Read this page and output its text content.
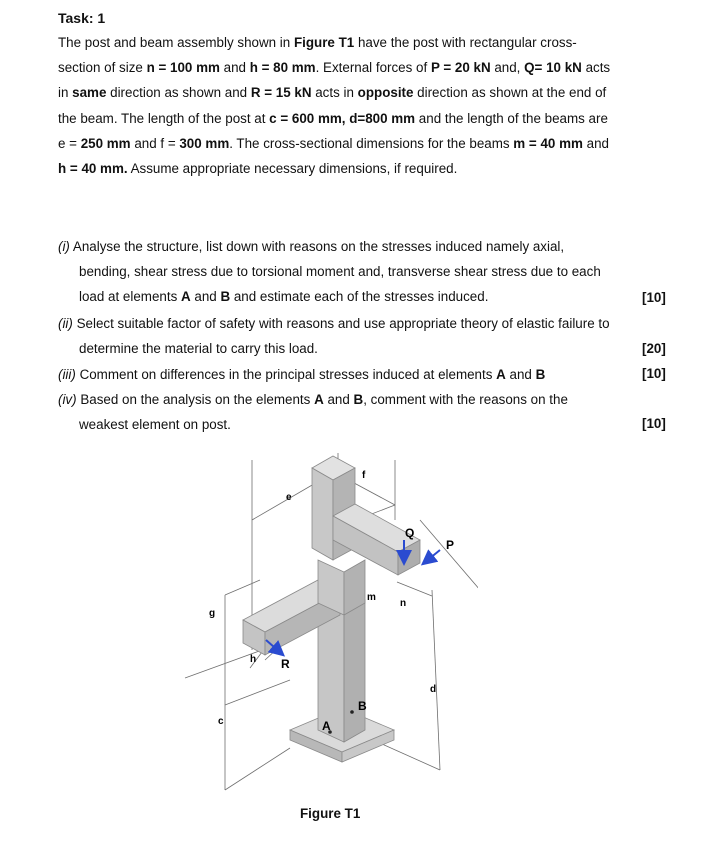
Task: 1
The post and beam assembly shown in Figure T1 have the post with rectangular cross-section of size n = 100 mm and h = 80 mm. External forces of P = 20 kN and, Q= 10 kN acts in same direction as shown and R = 15 kN acts in opposite direction as shown at the end of the beam. The length of the post at c = 600 mm, d=800 mm and the length of the beams are e = 250 mm and f = 300 mm. The cross-sectional dimensions for the beams m = 40 mm and h = 40 mm. Assume appropriate necessary dimensions, if required.
(i) Analyse the structure, list down with reasons on the stresses induced namely axial, bending, shear stress due to torsional moment and, transverse shear stress due to each load at elements A and B and estimate each of the stresses induced.	[10]
(ii) Select suitable factor of safety with reasons and use appropriate theory of elastic failure to determine the material to carry this load.	[20]
(iii) Comment on differences in the principal stresses induced at elements A and B	[10]
(iv) Based on the analysis on the elements A and B, comment with the reasons on the weakest element on post.	[10]
e
f
Q
P
m
n
g
h R
d
c
B
A
Figure T1
